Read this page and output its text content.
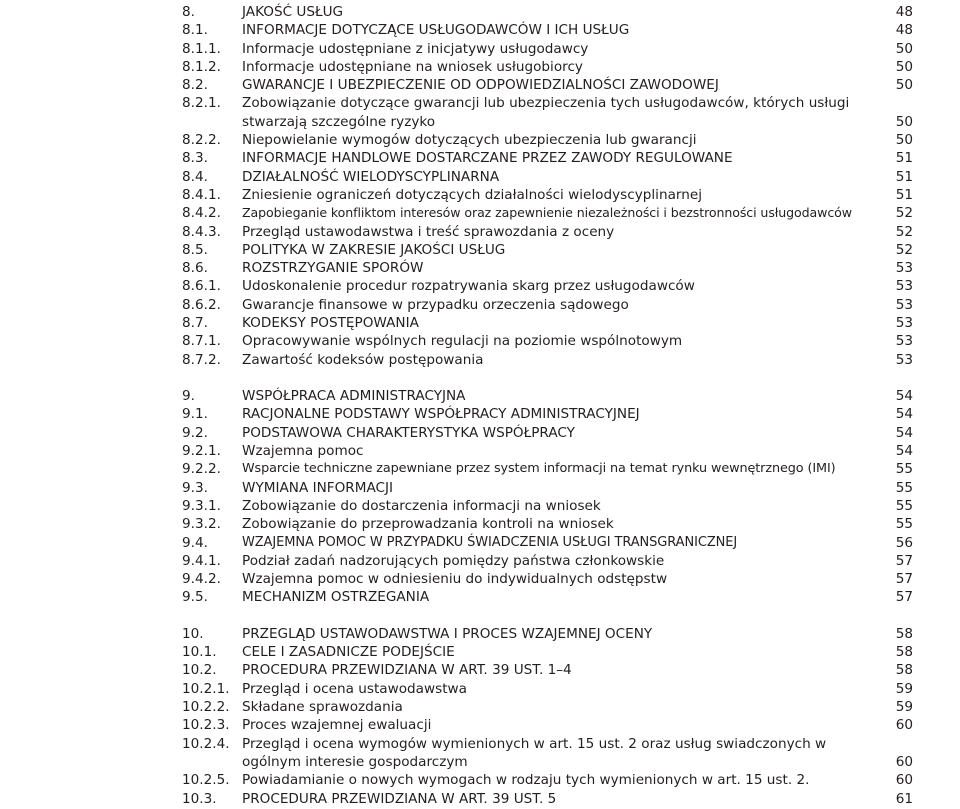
8.	JAKOŚĆ USŁUG	48
8.1.	INFORMACJE DOTYCZĄCE USŁUGODAWCÓW I ICH USŁUG	48
8.1.1. Informacje udostępniane z inicjatywy usługodawcy	50
8.1.2. Informacje udostępniane na wniosek usługobiorcy	50
8.2.	GWARANCJE I UBEZPIECZENIE OD ODPOWIEDZIALNOŚCI ZAWODOWEJ	50
8.2.1. Zobowiązanie dotyczące gwarancji lub ubezpieczenia tych usługodawców, których usługi stwarzają szczególne ryzyko	50
8.2.2. Niepowielanie wymogów dotyczących ubezpieczenia lub gwarancji	50
8.3.	INFORMACJE HANDLOWE DOSTARCZANE PRZEZ ZAWODY REGULOWANE	51
8.4.	DZIAŁALNOŚĆ WIELODYSCYPLINARNA	51
8.4.1. Zniesienie ograniczeń dotyczących działalności wielodyscyplinarnej	51
8.4.2. Zapobieganie konfliktom interesów oraz zapewnienie niezależności i bezstronności usługodawców	52
8.4.3. Przegląd ustawodawstwa i treść sprawozdania z oceny	52
8.5.	POLITYKA W ZAKRESIE JAKOŚCI USŁUG	52
8.6.	ROZSTRZYGANIE SPORÓW	53
8.6.1. Udoskonalenie procedur rozpatrywania skarg przez usługodawców	53
8.6.2. Gwarancje finansowe w przypadku orzeczenia sądowego	53
8.7.	KODEKSY POSTĘPOWANIA	53
8.7.1. Opracowywanie wspólnych regulacji na poziomie wspólnotowym	53
8.7.2. Zawartość kodeksów postępowania	53
9.	WSPÓŁPRACA ADMINISTRACYJNA	54
9.1.	RACJONALNE PODSTAWY WSPÓŁPRACY ADMINISTRACYJNEJ	54
9.2.	PODSTAWOWA CHARAKTERYSTYKA WSPÓŁPRACY	54
9.2.1. Wzajemna pomoc	54
9.2.2. Wsparcie techniczne zapewniane przez system informacji na temat rynku wewnętrznego (IMI)	55
9.3.	WYMIANA INFORMACJI	55
9.3.1. Zobowiązanie do dostarczenia informacji na wniosek	55
9.3.2. Zobowiązanie do przeprowadzania kontroli na wniosek	55
9.4.	WZAJEMNA POMOC W PRZYPADKU ŚWIADCZENIA USŁUGI TRANSGRANICZNEJ	56
9.4.1. Podział zadań nadzorujących pomiędzy państwa członkowskie	57
9.4.2. Wzajemna pomoc w odniesieniu do indywidualnych odstępstw	57
9.5.	MECHANIZM OSTRZEGANIA	57
10.	PRZEGLĄD USTAWODAWSTWA I PROCES WZAJEMNEJ OCENY	58
10.1. CELE I ZASADNICZE PODEJŚCIE	58
10.2. PROCEDURA PRZEWIDZIANA W ART. 39 UST. 1–4	58
10.2.1. Przegląd i ocena ustawodawstwa	59
10.2.2. Składane sprawozdania	59
10.2.3. Proces wzajemnej ewaluacji	60
10.2.4. Przegląd i ocena wymogów wymienionych w art. 15 ust. 2 oraz usług swiadczonych w ogólnym interesie gospodarczym	60
10.2.5. Powiadamianie o nowych wymogach w rodzaju tych wymienionych w art. 15 ust. 2.	60
10.3. PROCEDURA PRZEWIDZIANA W ART. 39 UST. 5	61
